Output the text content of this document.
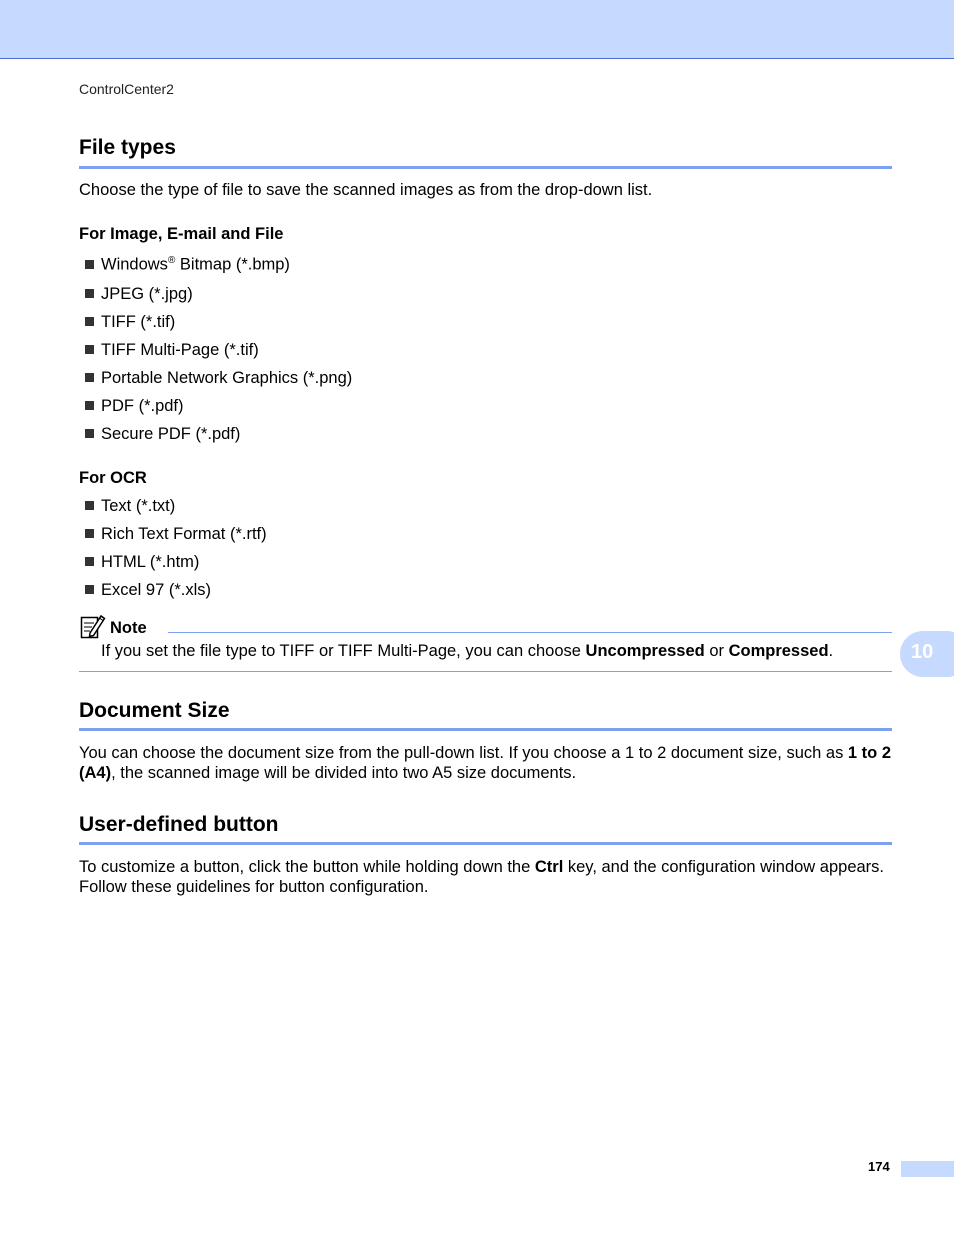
ControlCenter2
File types
Choose the type of file to save the scanned images as from the drop-down list.
For Image, E-mail and File
Windows® Bitmap (*.bmp)
JPEG (*.jpg)
TIFF (*.tif)
TIFF Multi-Page (*.tif)
Portable Network Graphics (*.png)
PDF (*.pdf)
Secure PDF (*.pdf)
For OCR
Text (*.txt)
Rich Text Format (*.rtf)
HTML (*.htm)
Excel 97 (*.xls)
Note
If you set the file type to TIFF or TIFF Multi-Page, you can choose Uncompressed or Compressed.
Document Size
You can choose the document size from the pull-down list. If you choose a 1 to 2 document size, such as 1 to 2 (A4), the scanned image will be divided into two A5 size documents.
User-defined button
To customize a button, click the button while holding down the Ctrl key, and the configuration window appears. Follow these guidelines for button configuration.
10
174
